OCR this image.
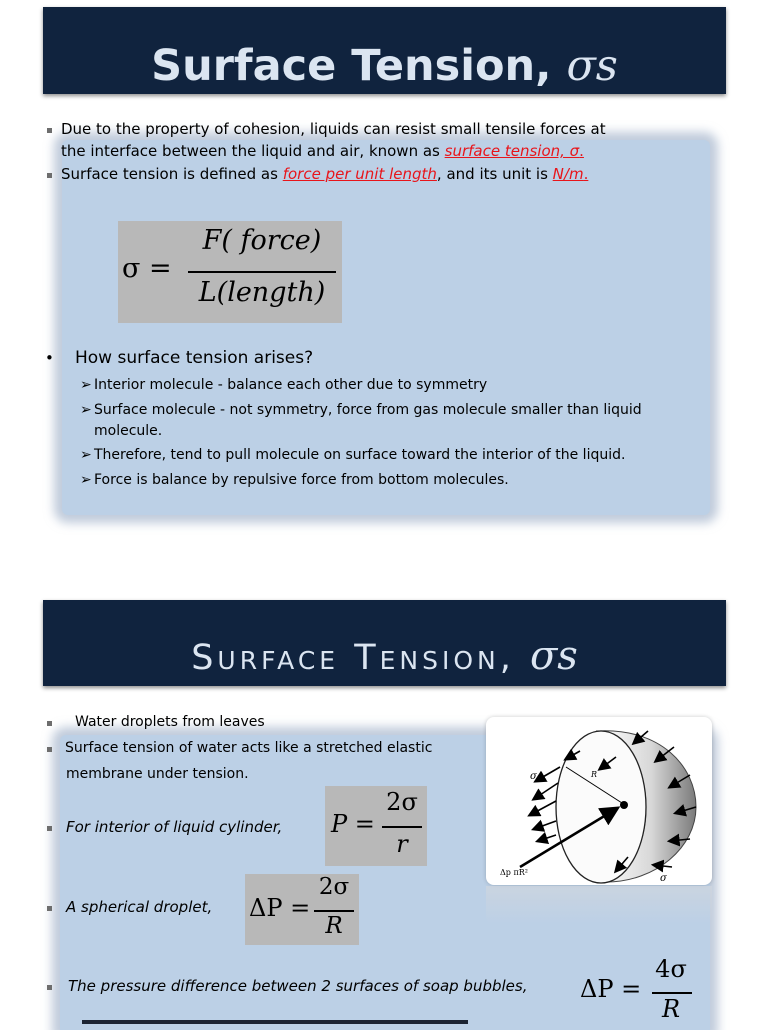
Surface Tension, σs
Due to the property of cohesion, liquids can resist small tensile forces at
the interface between the liquid and air, known as surface tension, σ.
Surface tension is defined as force per unit length, and its unit is N/m.
σ =
F( force)
L(length)
• How surface tension arises?
➢ Interior molecule - balance each other due to symmetry
➢ Surface molecule - not symmetry, force from gas molecule smaller than liquid
molecule.
➢ Therefore, tend to pull molecule on surface toward the interior of the liquid.
➢ Force is balance by repulsive force from bottom molecules.
Surface Tension, σs
Water droplets from leaves
Surface tension of water acts like a stretched elastic
membrane under tension.
For interior of liquid cylinder, P =
2σ
r
A spherical droplet, ΔP =
2σ
R
The pressure difference between 2 surfaces of soap bubbles, ΔP =
4σ
R
σ	R
Δp πR²
σ
